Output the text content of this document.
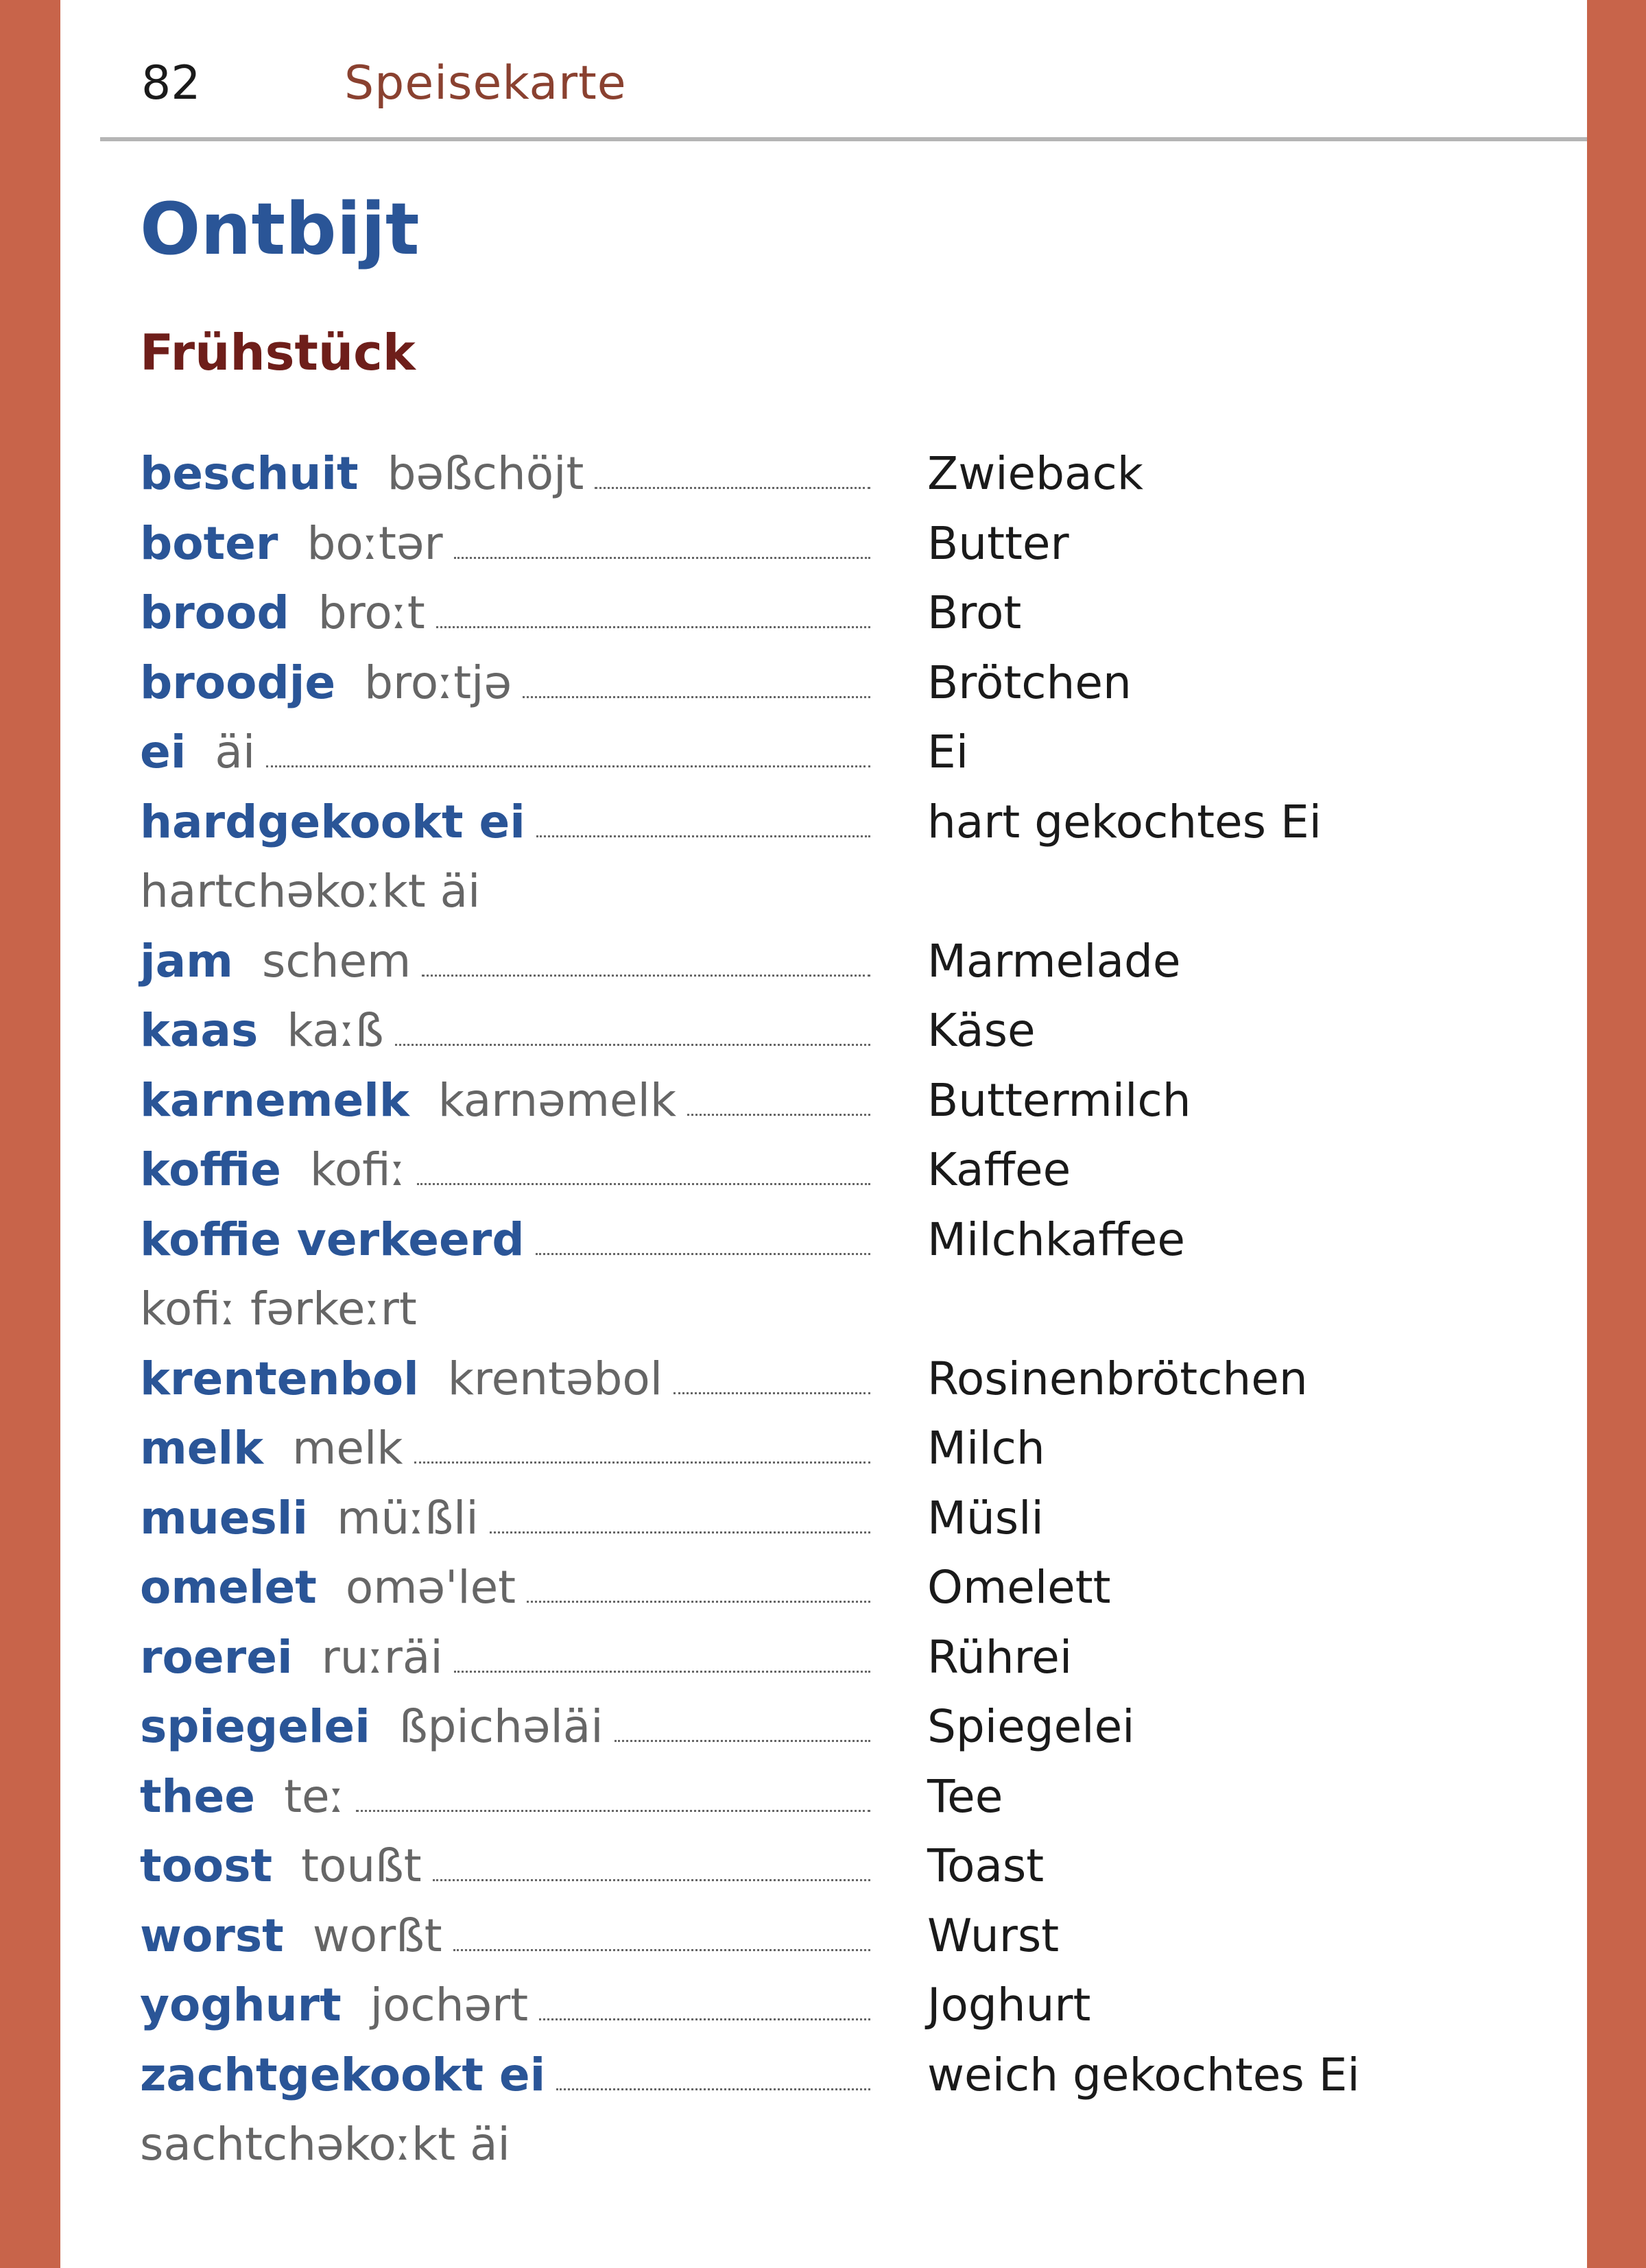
82	Speisekarte
Ontbijt
Frühstück
beschuit bəßchöjt	Zwieback
boter boːtər	Butter
brood broːt	Brot
broodje broːtjə	Brötchen
ei äi	Ei
hardgekookt ei	hart gekochtes Ei
hartchəkoːkt äi
jam schem	Marmelade
kaas kaːß	Käse
karnemelk karnəmelk	Buttermilch
koffie kofiː	Kaffee
koffie verkeerd	Milchkaffee
kofiː fərkeːrt
krentenbol krentəbol	Rosinenbrötchen
melk melk	Milch
muesli müːßli	Müsli
omelet omə'let	Omelett
roerei ruːräi	Rührei
spiegelei ßpichəläi	Spiegelei
thee teː	Tee
toost toußt	Toast
worst worßt	Wurst
yoghurt jochərt	Joghurt
zachtgekookt ei	weich gekochtes Ei
sachtchəkoːkt äi
